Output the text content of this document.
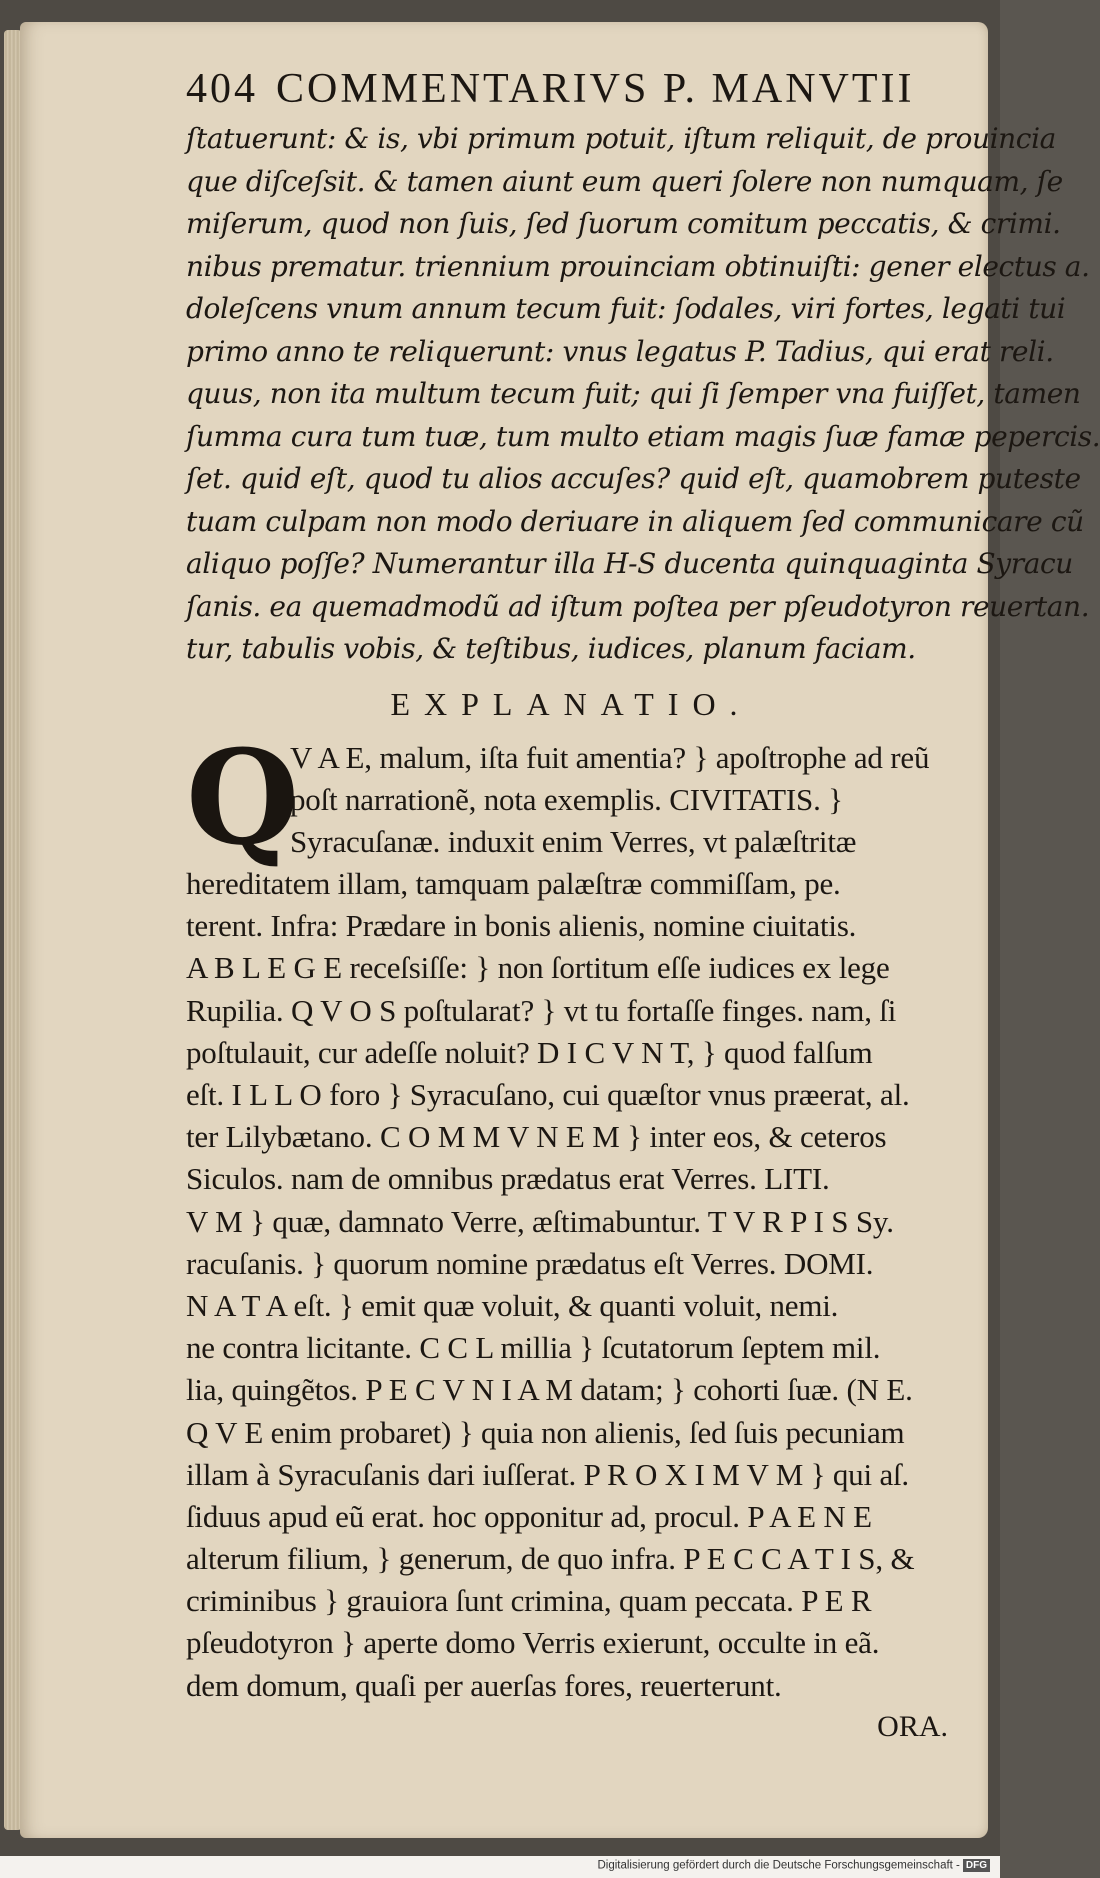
404 COMMENTARIVS P. MANVTII
ſtatuerunt: & is, vbi primum potuit, iſtum reliquit, de prouincia
que diſceſsit. & tamen aiunt eum queri ſolere non numquam, ſe
miſerum, quod non ſuis, ſed ſuorum comitum peccatis, & crimi.
nibus prematur. triennium prouinciam obtinuiſti: gener electus a.
doleſcens vnum annum tecum fuit: ſodales, viri fortes, legati tui
primo anno te reliquerunt: vnus legatus P. Tadius, qui erat reli.
quus, non ita multum tecum fuit; qui ſi ſemper vna fuiſſet, tamen
ſumma cura tum tuæ, tum multo etiam magis ſuæ famæ pepercis.
ſet. quid eſt, quod tu alios accuſes? quid eſt, quamobrem puteste
tuam culpam non modo deriuare in aliquem ſed communicare cũ
aliquo poſſe? Numerantur illa H-S ducenta quinquaginta Syracu
ſanis. ea quemadmodũ ad iſtum poſtea per pſeudotyron reuertan.
tur, tabulis vobis, & teſtibus, iudices, planum faciam.
EXPLANATIO.
Q
V A E, malum, iſta fuit amentia? } apoſtrophe ad reũ
poſt narrationẽ, nota exemplis. CIVITATIS. }
Syracuſanæ. induxit enim Verres, vt palæſtritæ
hereditatem illam, tamquam palæſtræ commiſſam, pe.
terent. Infra: Prædare in bonis alienis, nomine ciuitatis.
A B L E G E receſsiſſe: } non ſortitum eſſe iudices ex lege
Rupilia. Q V O S poſtularat? } vt tu fortaſſe finges. nam, ſi
poſtulauit, cur adeſſe noluit? D I C V N T, } quod falſum
eſt. I L L O foro } Syracuſano, cui quæſtor vnus præerat, al.
ter Lilybætano. C O M M V N E M } inter eos, & ceteros
Siculos. nam de omnibus prædatus erat Verres. LITI.
V M } quæ, damnato Verre, æſtimabuntur. T V R P I S Sy.
racuſanis. } quorum nomine prædatus eſt Verres. DOMI.
N A T A eſt. } emit quæ voluit, & quanti voluit, nemi.
ne contra licitante. C C L millia } ſcutatorum ſeptem mil.
lia, quingẽtos. P E C V N I A M datam; } cohorti ſuæ. (N E.
Q V E enim probaret) } quia non alienis, ſed ſuis pecuniam
illam à Syracuſanis dari iuſſerat. P R O X I M V M } qui aſ.
ſiduus apud eũ erat. hoc opponitur ad, procul. P A E N E
alterum filium, } generum, de quo infra. P E C C A T I S, &
criminibus } grauiora ſunt crimina, quam peccata. P E R
pſeudotyron } aperte domo Verris exierunt, occulte in eã.
dem domum, quaſi per auerſas fores, reuerterunt.
ORA.
Digitalisierung gefördert durch die Deutsche Forschungsgemeinschaft - DFG
